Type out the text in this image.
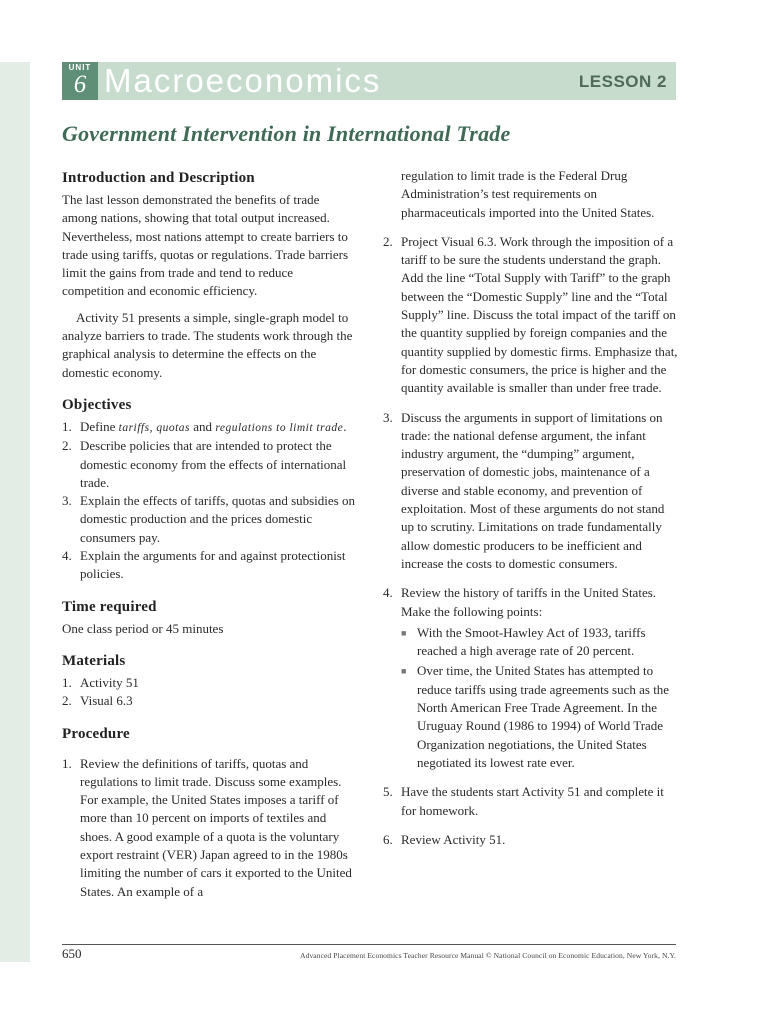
UNIT
6 Macroeconomics	LESSON 2
Government Intervention in International Trade
Introduction and Description

The last lesson demonstrated the benefits of trade among nations, showing that total output increased. Nevertheless, most nations attempt to create barriers to trade using tariffs, quotas or regulations. Trade barriers limit the gains from trade and tend to reduce competition and economic efficiency.

Activity 51 presents a simple, single-graph model to analyze barriers to trade. The students work through the graphical analysis to determine the effects on the domestic economy.

Objectives
1. Define tariffs, quotas and regulations to limit trade.
2. Describe policies that are intended to protect the domestic economy from the effects of international trade.
3. Explain the effects of tariffs, quotas and subsidies on domestic production and the prices domestic consumers pay.
4. Explain the arguments for and against protectionist policies.
Time required

One class period or 45 minutes

Materials
1. Activity 51
2. Visual 6.3
Procedure
1. Review the definitions of tariffs, quotas and regulations to limit trade. Discuss some examples. For example, the United States imposes a tariff of more than 10 percent on imports of textiles and shoes. A good example of a quota is the voluntary export restraint (VER) Japan agreed to in the 1980s limiting the number of cars it exported to the United States. An example of a
regulation to limit trade is the Federal Drug Administration’s test requirements on pharmaceuticals imported into the United States.
2. Project Visual 6.3. Work through the imposition of a tariff to be sure the students understand the graph. Add the line “Total Supply with Tariff” to the graph between the “Domestic Supply” line and the “Total Supply” line. Discuss the total impact of the tariff on the quantity supplied by foreign companies and the quantity supplied by domestic firms. Emphasize that, for domestic consumers, the price is higher and the quantity available is smaller than under free trade.
3. Discuss the arguments in support of limitations on trade: the national defense argument, the infant industry argument, the “dumping” argument, preservation of domestic jobs, maintenance of a diverse and stable economy, and prevention of exploitation. Most of these arguments do not stand up to scrutiny. Limitations on trade fundamentally allow domestic producers to be inefficient and increase the costs to domestic consumers.
4. Review the history of tariffs in the United States. Make the following points:
■ With the Smoot-Hawley Act of 1933, tariffs reached a high average rate of 20 percent.
■ Over time, the United States has attempted to reduce tariffs using trade agreements such as the North American Free Trade Agreement. In the Uruguay Round (1986 to 1994) of World Trade Organization negotiations, the United States negotiated its lowest rate ever.
5. Have the students start Activity 51 and complete it for homework.
6. Review Activity 51.
650	Advanced Placement Economics Teacher Resource Manual © National Council on Economic Education, New York, N.Y.
